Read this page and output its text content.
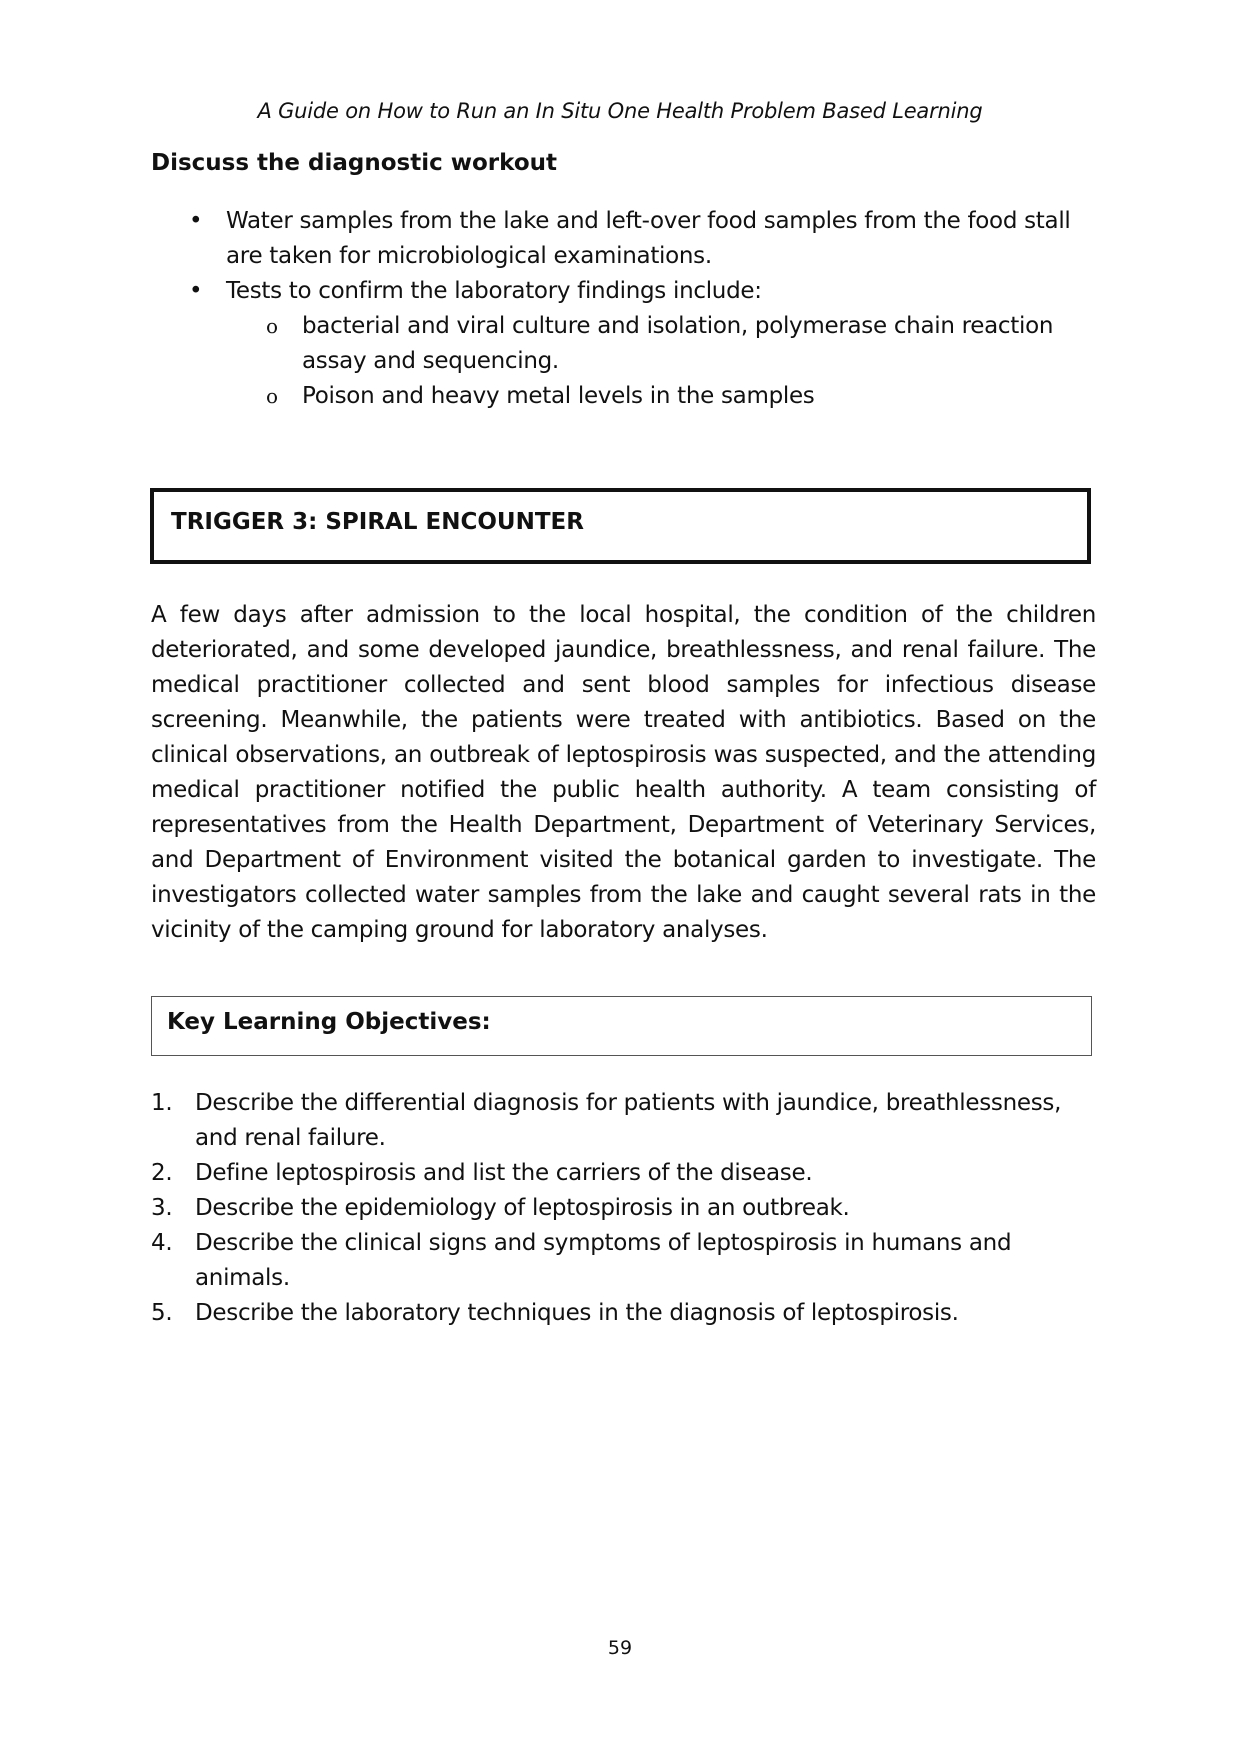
A Guide on How to Run an In Situ One Health Problem Based Learning
Discuss the diagnostic workout
• Water samples from the lake and left-over food samples from the food stall are taken for microbiological examinations.
• Tests to confirm the laboratory findings include:
o bacterial and viral culture and isolation, polymerase chain reaction assay and sequencing.
o Poison and heavy metal levels in the samples
TRIGGER 3: SPIRAL ENCOUNTER
A few days after admission to the local hospital, the condition of the children deteriorated, and some developed jaundice, breathlessness, and renal failure. The medical practitioner collected and sent blood samples for infectious disease screening. Meanwhile, the patients were treated with antibiotics. Based on the clinical observations, an outbreak of leptospirosis was suspected, and the attending medical practitioner notified the public health authority. A team consisting of representatives from the Health Department, Department of Veterinary Services, and Department of Environment visited the botanical garden to investigate. The investigators collected water samples from the lake and caught several rats in the vicinity of the camping ground for laboratory analyses.
Key Learning Objectives:
1. Describe the differential diagnosis for patients with jaundice, breathlessness, and renal failure.
2. Define leptospirosis and list the carriers of the disease.
3. Describe the epidemiology of leptospirosis in an outbreak.
4. Describe the clinical signs and symptoms of leptospirosis in humans and animals.
5. Describe the laboratory techniques in the diagnosis of leptospirosis.
59
